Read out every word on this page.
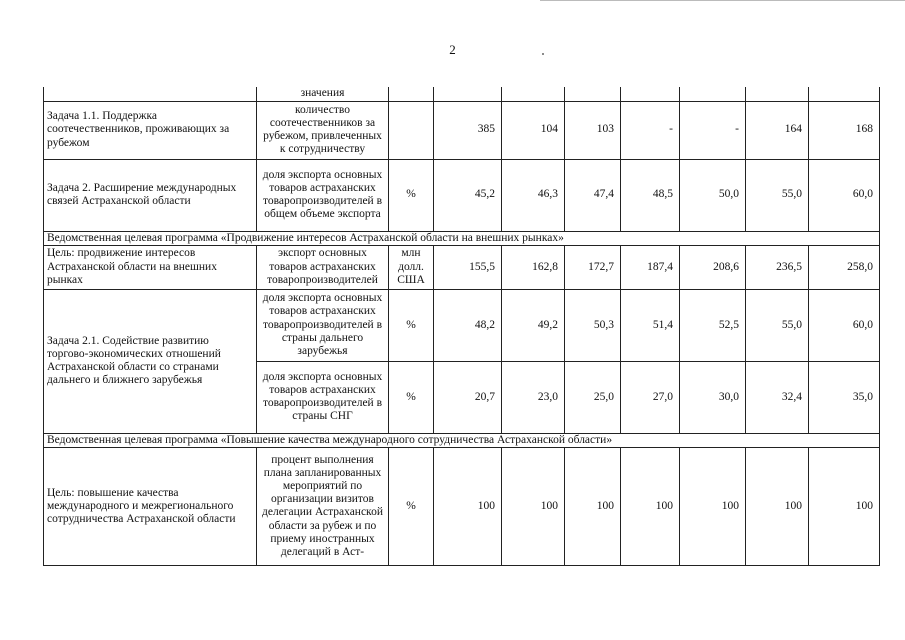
2
	значения								
Задача 1.1. Поддержка соотечественников, проживающих за рубежом	количество соотечественников за рубежом, привлеченных к сотрудничеству		385	104	103	-	-	164	168
Задача 2. Расширение международных связей Астраханской области	доля экспорта основных товаров астраханских товаропроизводителей в общем объеме экспорта	%	45,2	46,3	47,4	48,5	50,0	55,0	60,0
Ведомственная целевая программа «Продвижение интересов Астраханской области на внешних рынках»									
Цель: продвижение интересов Астраханской области на внешних рынках	экспорт основных товаров астраханских товаропроизводителей	млн долл. США	155,5	162,8	172,7	187,4	208,6	236,5	258,0
Задача 2.1. Содействие развитию торгово-экономических отношений Астраханской области со странами дальнего и ближнего зарубежья	доля экспорта основных товаров астраханских товаропроизводителей в страны дальнего зарубежья	%	48,2	49,2	50,3	51,4	52,5	55,0	60,0
	доля экспорта основных товаров астраханских товаропроизводителей в страны СНГ	%	20,7	23,0	25,0	27,0	30,0	32,4	35,0
Ведомственная целевая программа «Повышение качества международного сотрудничества Астраханской области»									
Цель: повышение качества международного и межрегионального сотрудничества Астраханской области	процент выполнения плана запланированных мероприятий по организации визитов делегации Астраханской области за рубеж и по приему иностранных делегаций в Аст-	%	100	100	100	100	100	100	100
